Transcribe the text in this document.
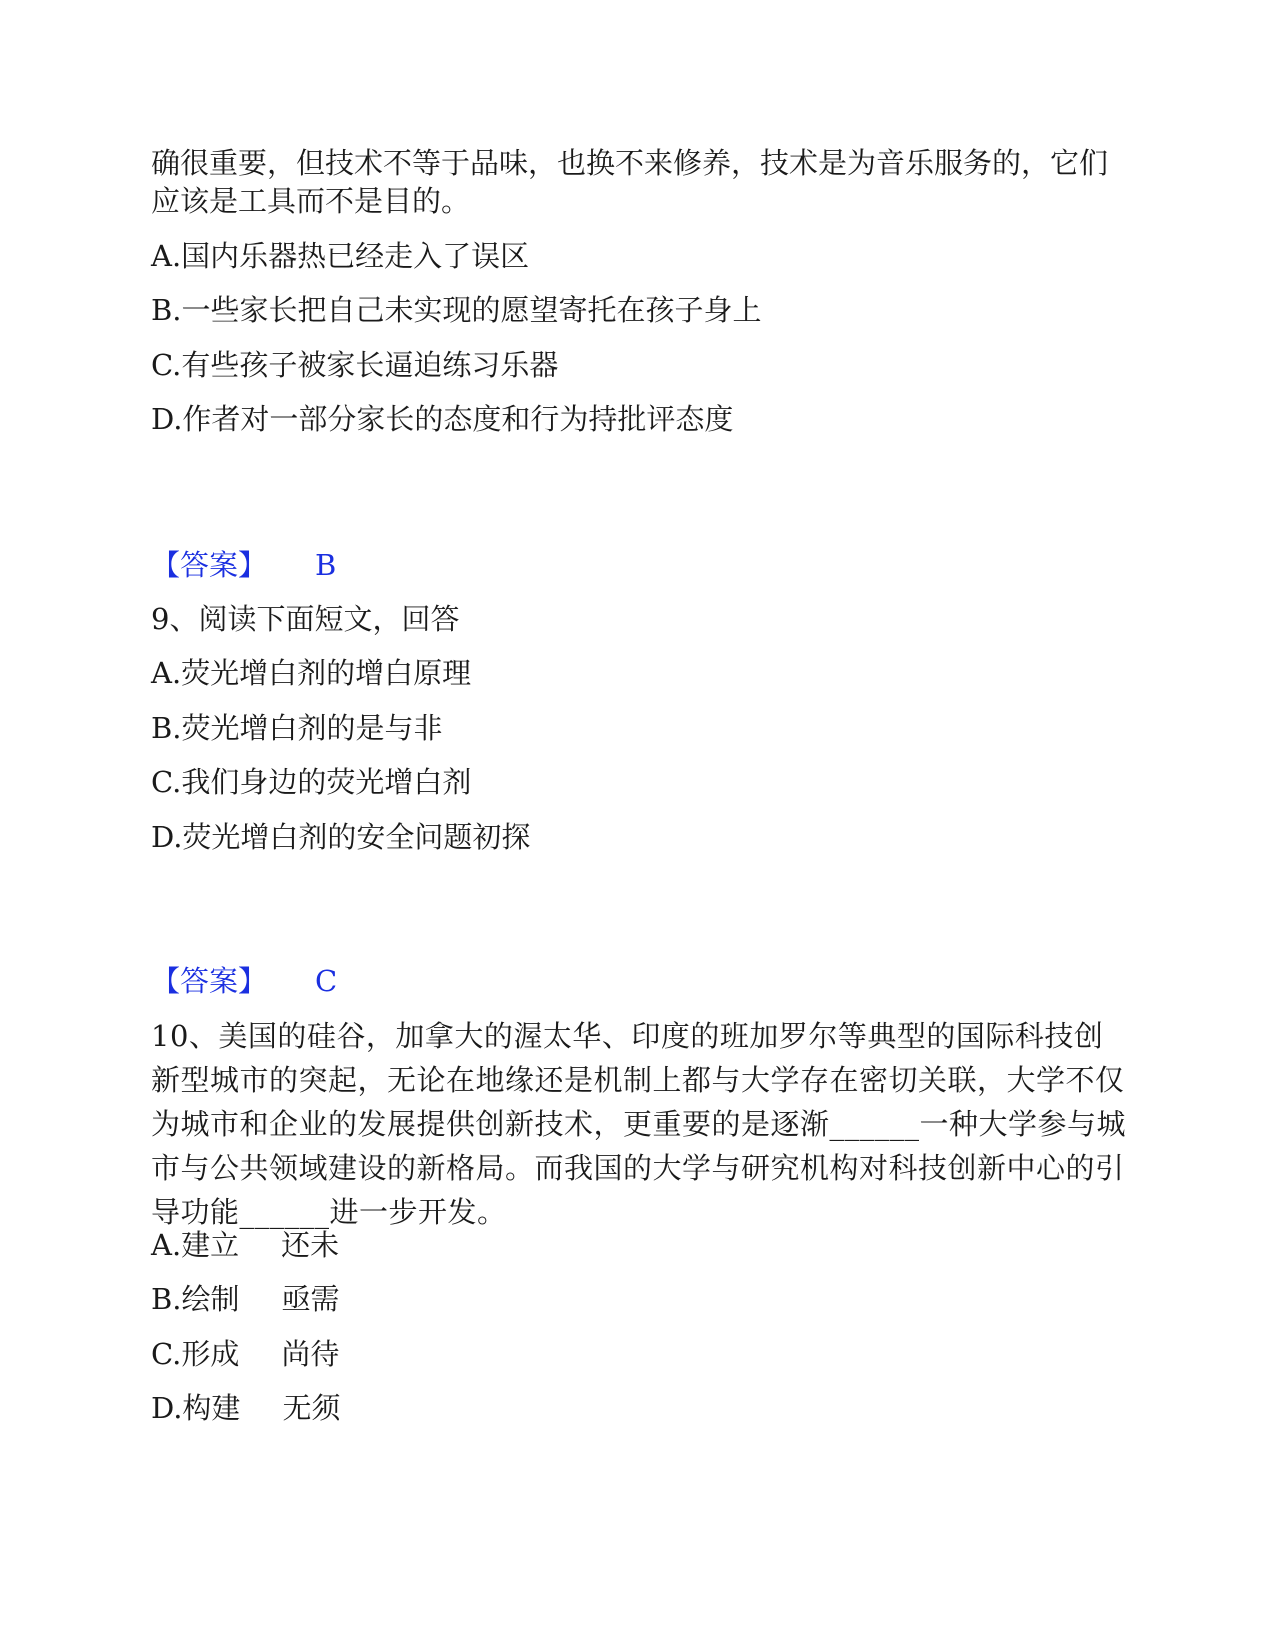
确很重要，但技术不等于品味，也换不来修养，技术是为音乐服务的，它们

应该是工具而不是目的。

A.国内乐器热已经走入了误区

B.一些家长把自己未实现的愿望寄托在孩子身上

C.有些孩子被家长逼迫练习乐器

D.作者对一部分家长的态度和行为持批评态度

【答案】 B

9、阅读下面短文，回答

A.荧光增白剂的增白原理

B.荧光增白剂的是与非

C.我们身边的荧光增白剂

D.荧光增白剂的安全问题初探

【答案】 C

10、美国的硅谷，加拿大的渥太华、印度的班加罗尔等典型的国际科技创新型城市的突起，无论在地缘还是机制上都与大学存在密切关联，大学不仅为城市和企业的发展提供创新技术，更重要的是逐渐______一种大学参与城市与公共领域建设的新格局。而我国的大学与研究机构对科技创新中心的引导功能______进一步开发。

A.建立 还未

B.绘制 亟需

C.形成 尚待

D.构建 无须
